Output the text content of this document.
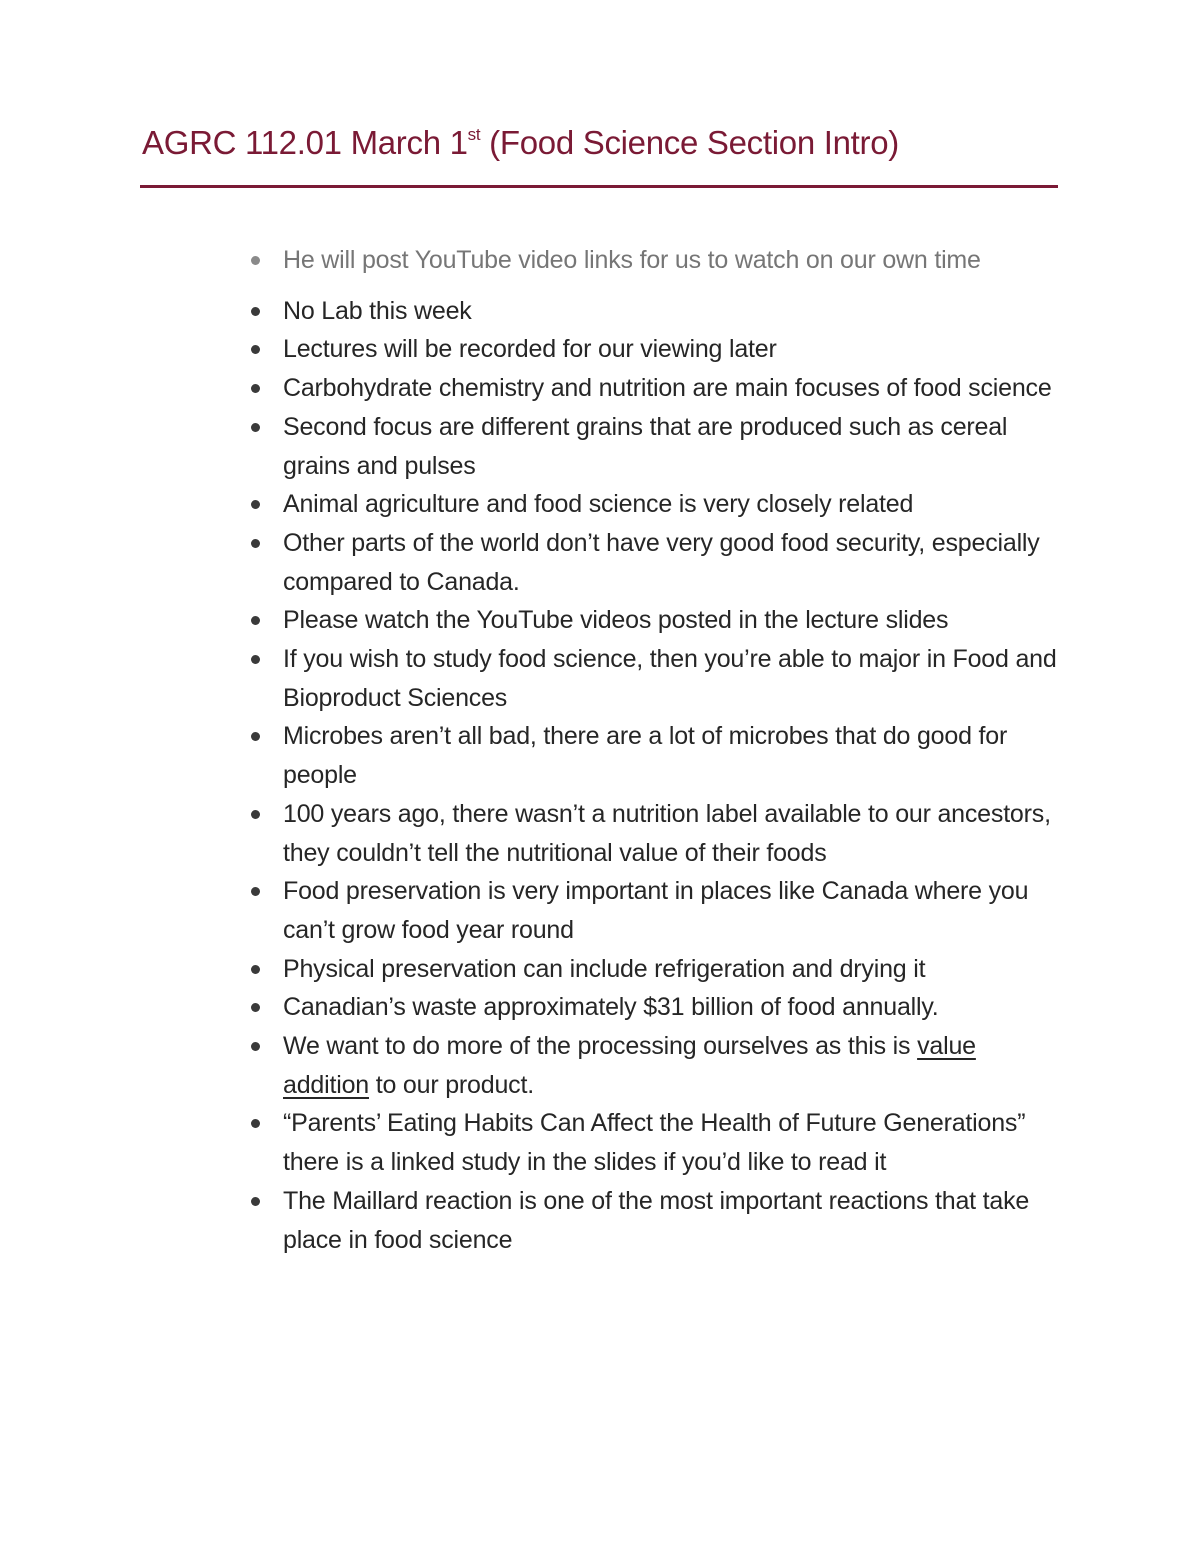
AGRC 112.01 March 1st (Food Science Section Intro)
He will post YouTube video links for us to watch on our own time
No Lab this week
Lectures will be recorded for our viewing later
Carbohydrate chemistry and nutrition are main focuses of food science
Second focus are different grains that are produced such as cereal grains and pulses
Animal agriculture and food science is very closely related
Other parts of the world don’t have very good food security, especially compared to Canada.
Please watch the YouTube videos posted in the lecture slides
If you wish to study food science, then you’re able to major in Food and Bioproduct Sciences
Microbes aren’t all bad, there are a lot of microbes that do good for people
100 years ago, there wasn’t a nutrition label available to our ancestors, they couldn’t tell the nutritional value of their foods
Food preservation is very important in places like Canada where you can’t grow food year round
Physical preservation can include refrigeration and drying it
Canadian’s waste approximately $31 billion of food annually.
We want to do more of the processing ourselves as this is value addition to our product.
“Parents’ Eating Habits Can Affect the Health of Future Generations” there is a linked study in the slides if you’d like to read it
The Maillard reaction is one of the most important reactions that take place in food science
